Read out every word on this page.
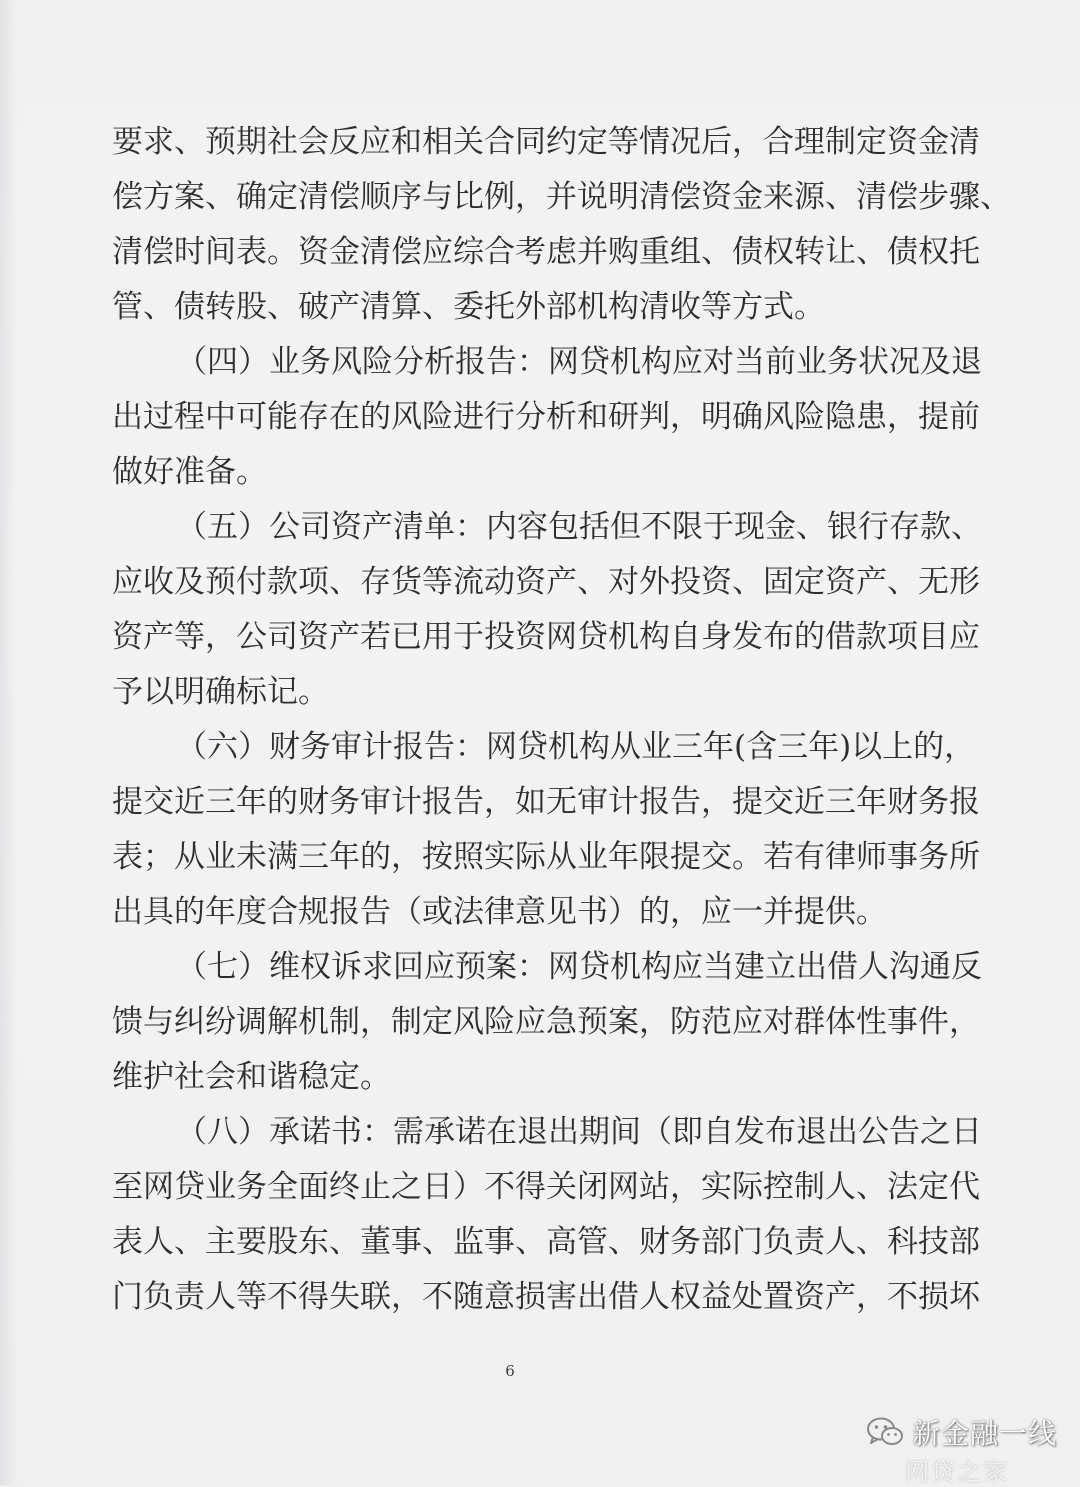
要求、预期社会反应和相关合同约定等情况后，合理制定资金清
偿方案、确定清偿顺序与比例，并说明清偿资金来源、清偿步骤、
清偿时间表。资金清偿应综合考虑并购重组、债权转让、债权托
管、债转股、破产清算、委托外部机构清收等方式。
（四）业务风险分析报告：网贷机构应对当前业务状况及退
出过程中可能存在的风险进行分析和研判，明确风险隐患，提前
做好准备。
（五）公司资产清单：内容包括但不限于现金、银行存款、
应收及预付款项、存货等流动资产、对外投资、固定资产、无形
资产等，公司资产若已用于投资网贷机构自身发布的借款项目应
予以明确标记。
（六）财务审计报告：网贷机构从业三年(含三年)以上的，
提交近三年的财务审计报告，如无审计报告，提交近三年财务报
表；从业未满三年的，按照实际从业年限提交。若有律师事务所
出具的年度合规报告（或法律意见书）的，应一并提供。
（七）维权诉求回应预案：网贷机构应当建立出借人沟通反
馈与纠纷调解机制，制定风险应急预案，防范应对群体性事件，
维护社会和谐稳定。
（八）承诺书：需承诺在退出期间（即自发布退出公告之日
至网贷业务全面终止之日）不得关闭网站，实际控制人、法定代
表人、主要股东、董事、监事、高管、财务部门负责人、科技部
门负责人等不得失联，不随意损害出借人权益处置资产，不损坏
6
新金融一线
网贷之家
